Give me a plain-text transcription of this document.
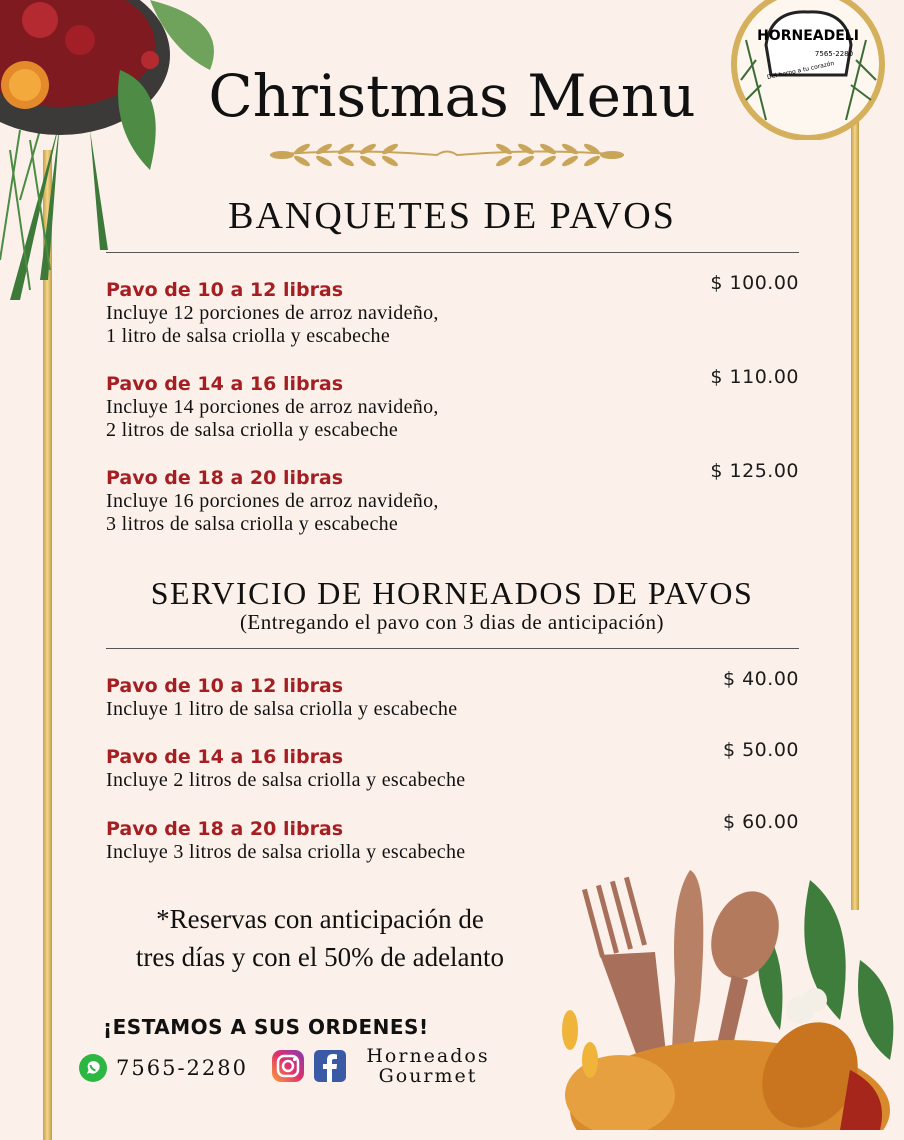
HORNEADELI
7565-2280
Del horno a tu corazón
Christmas Menu
BANQUETES DE PAVOS
Pavo de 10 a 12 libras
Incluye 12 porciones de arroz navideño,
1 litro de salsa criolla y escabeche
$ 100.00
Pavo de 14 a 16 libras
Incluye 14 porciones de arroz navideño,
2 litros de salsa criolla y escabeche
$ 110.00
Pavo de 18 a 20 libras
Incluye 16 porciones de arroz navideño,
3 litros de salsa criolla y escabeche
$ 125.00
SERVICIO DE HORNEADOS DE PAVOS
(Entregando el pavo con 3 dias de anticipación)
Pavo de 10 a 12 libras
Incluye 1 litro de salsa criolla y escabeche
$ 40.00
Pavo de 14 a 16 libras
Incluye 2 litros de salsa criolla y escabeche
$ 50.00
Pavo de 18 a 20 libras
Incluye 3 litros de salsa criolla y escabeche
$ 60.00
*Reservas con anticipación de
tres días y con el 50% de adelanto
¡ESTAMOS A SUS ORDENES!
7565-2280	Horneados
Gourmet
